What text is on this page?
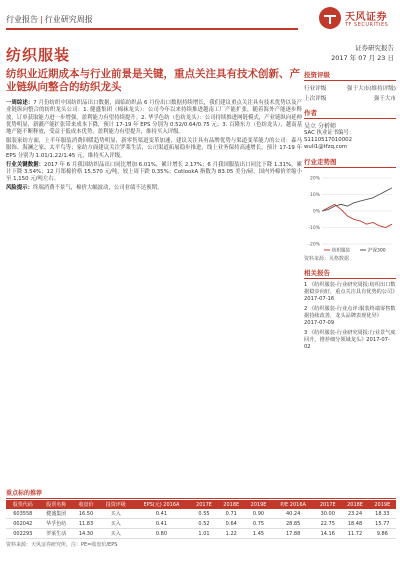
行业报告 | 行业研究周报	天风证券
TF SECURITIES
纺织服装	证券研究报告
2017 年 07 月 23 日
纺织业近期成本与行业前景是关键，重点关注具有技术创新、产业链纵向整合的纺织龙头

一周综述：7 月份纺织中国纺织品出口数据，面临纺织品 6 月份出口数据持续增长，我们建议重点关注具有技术优势以及产业链纵向整合的纺织龙头公司：1. 健盛集团（棉袜龙头）：公司今年以来持续推进越南工厂产能扩张，随着海外产能逐步释放，订单获取能力进一步增强，盈利能力有望持续提升。2. 华孚色纺（色纺龙头）：公司持续推进网链模式，产业链纵向延伸优势明显，新疆产能扩张带来成本下降，预计 17-19 年 EPS 分别为 0.52/0.64/0.75 元；3. 百隆东方（色纺龙头），越南基地产能不断释放，受益于低成本优势，盈利能力有望提升，维持买入评级。

服装家纺方面，上半年服装消费回暖趋势明显，新零售渠道变革加速，建议关注具有品牌优势与渠道变革能力的公司：森马服饰、海澜之家、太平鸟等；家纺方面建议关注罗莱生活，公司渠道拓展稳步推进，线上业务保持高速增长，预计 17-19 年 EPS 分别为 1.01/1.22/1.45 元，维持买入评级。

行业关键数据：2017 年 6 月我国纺织品出口同比增加 6.01%，累计增长 2.17%；6 月我国服装出口同比下降 1.31%，累计下降 3.54%；12 月郑棉价格 15,570 元/吨，较上周下跌 0.35%；CotlookA 指数为 83.05 美分/磅，国内外棉价差缩小至 1,150 元/吨左右。

风险提示：终端消费不景气，棉价大幅波动，公司业绩不达预期。

投资评级
行业评级	强于大市(维持评级)
上次评级	强于大市
作者
吴立 分析师
SAC 执业证书编号：S1110517010002
wuli1@tfzq.com
行业走势图
-20%
-10%
0%
10%
20%
纺织服装	沪深300
资料来源：贝格数据
相关报告
1 《纺织服装-行业研究周报:纺织出口数据稳步向好，重点关注具有优势的公司》2017-07-16
2 《纺织服装-行业点评:服装终端零售数据持续改善，龙头品牌表现优异》2017-07-09
3 《纺织服装-行业研究周报:行业景气度回升，推荐细分领域龙头》2017-07-02
重点标的推荐
股票代码	股票名称	收盘价	投资评级	EPS(元) 2016A	2017E	2018E	2019E	P/E 2016A	2017E	2018E	2019E
603558	健盛集团	16.50	买入	0.41	0.55	0.71	0.90	40.24	30.00	23.24	18.33
002042	华孚色纺	11.83	买入	0.41	0.52	0.64	0.75	28.85	22.75	18.48	15.77
002293	罗莱生活	14.30	买入	0.80	1.01	1.22	1.45	17.88	14.16	11.72	9.86
资料来源：天风证券研究所，注：PE=收盘价/EPS
